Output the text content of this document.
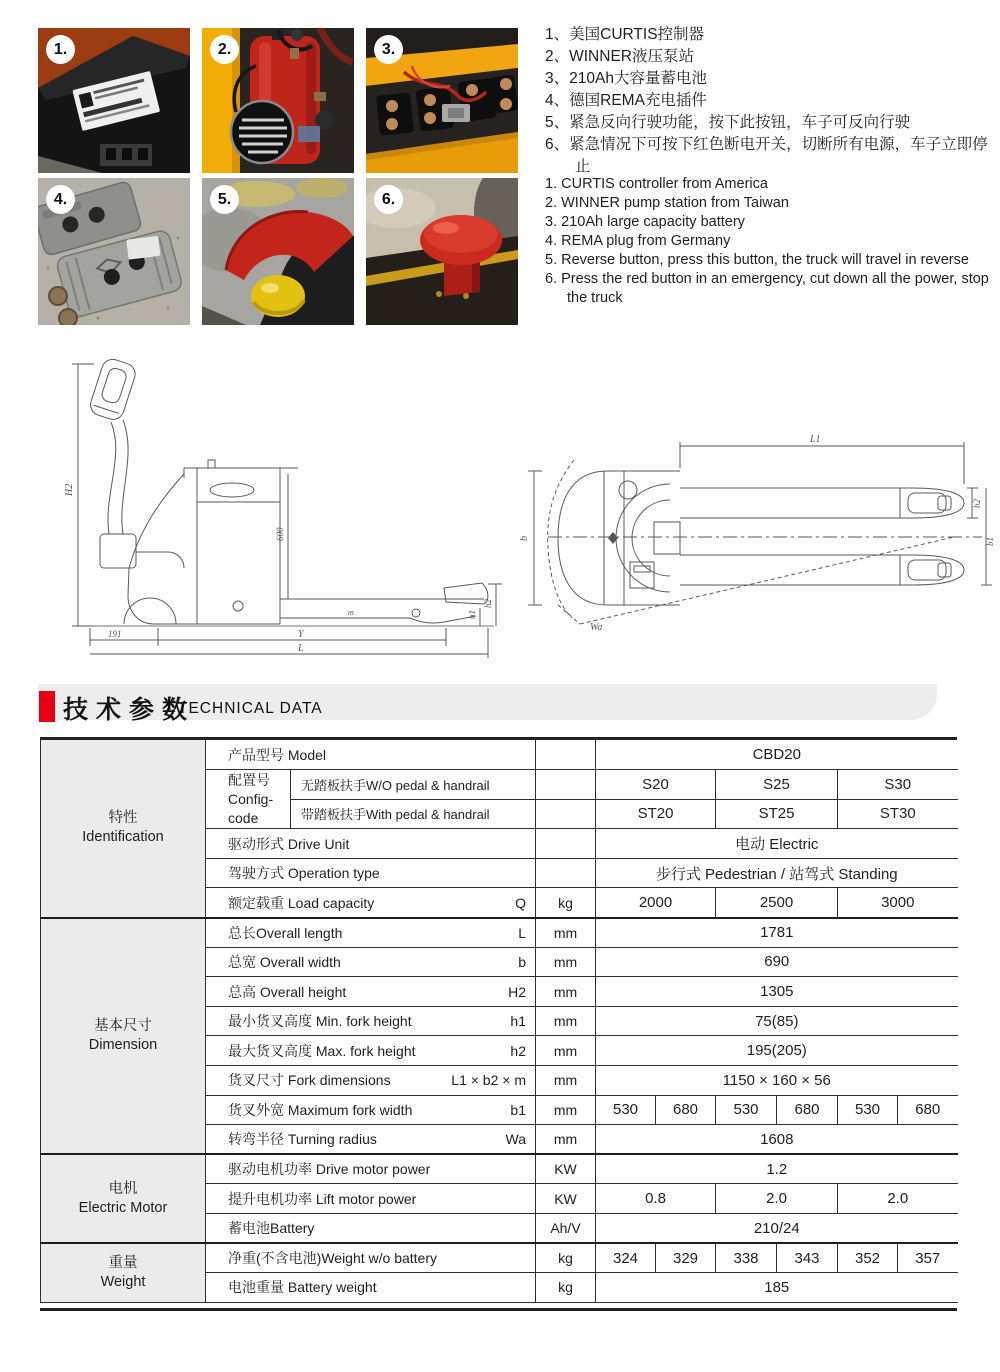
1.	2.	3.
4.	5.	6.
1、美国CURTIS控制器
2、WINNER液压泵站
3、210Ah大容量蓄电池
4、德国REMA充电插件
5、紧急反向行驶功能，按下此按钮，车子可反向行驶
6、紧急情况下可按下红色断电开关，切断所有电源，车子立即停止
1. CURTIS controller from America
2. WINNER pump station from Taiwan
3. 210Ah large capacity battery
4. REMA plug from Germany
5. Reverse button, press this button, the truck will travel in reverse
6. Press the red button in an emergency, cut down all the power, stop the truck
H2
600
m
h2
h1
191	Y
L
L1
b2
b1
b
Wa
技术参数
TECHNICAL DATA
特性
Identification	产品型号 Model			CBD20					

	配置号
Config-code	无踏板扶手W/O pedal & handrail		S20		S25		S30	
		带踏板扶手With pedal & handrail		ST20		ST25		ST30	
	驱动形式 Drive Unit			电动 Electric					
	驾驶方式 Operation type			步行式 Pedestrian / 站驾式 Standing					
	额定载重 Load capacity Q		kg	2000		2500		3000	

基本尺寸
Dimension
	总长Overall length	L	mm	1781
	总宽 Overall width b		mm	690					
	总高 Overall height H2		mm	1305					
	最小货叉高度 Min. fork height h1		mm	75(85)					
	最大货叉高度 Max. fork height h2		mm	195(205)					
	货叉尺寸 Fork dimensions L1 × b2 × m		mm	1150 × 160 × 56					
	货叉外宽 Maximum fork width b1		mm	530	680	530	680	530	680
	转弯半径 Turning radius Wa		mm	1608					

电机
Electric Motor	驱动电机功率 Drive motor power		KW	1.2					
	提升电机功率 Lift motor power		KW	0.8		2.0		2.0	
	蓄电池Battery		Ah/V	210/24					

重量
Weight	净重(不含电池)Weight w/o battery		kg	324	329	338	343	352	357
	电池重量 Battery weight		kg	185					
